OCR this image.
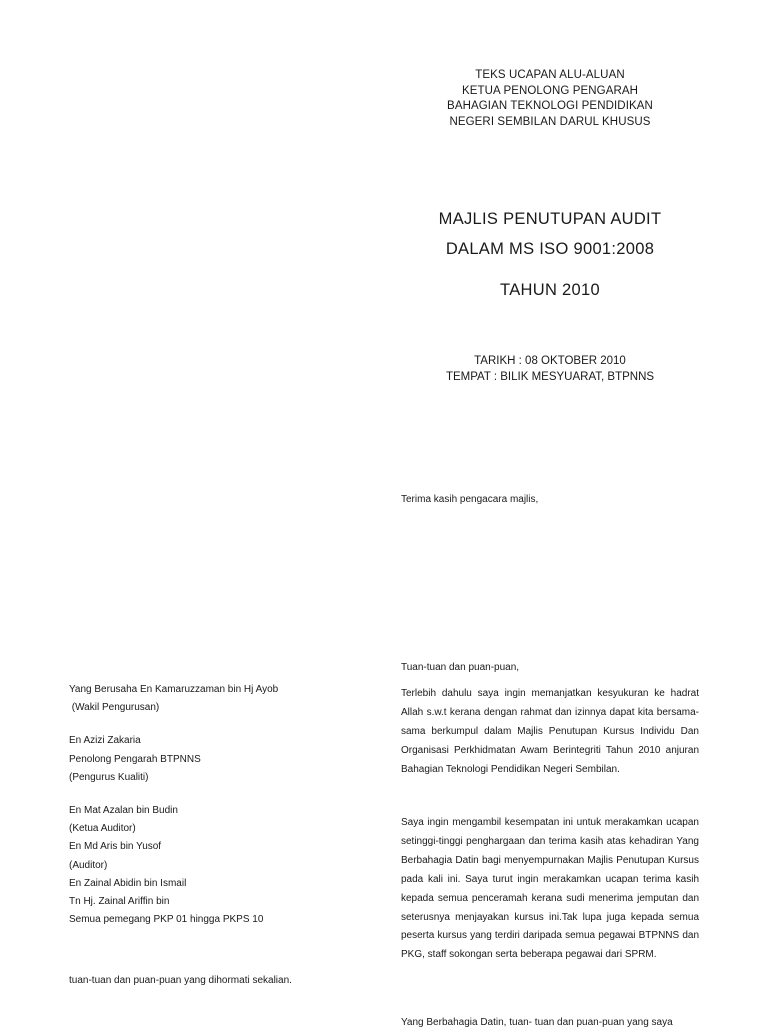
TEKS UCAPAN ALU-ALUAN
KETUA PENOLONG PENGARAH
BAHAGIAN TEKNOLOGI PENDIDIKAN
NEGERI SEMBILAN DARUL KHUSUS
MAJLIS PENUTUPAN AUDIT
DALAM MS ISO 9001:2008
TAHUN 2010
TARIKH : 08 OKTOBER 2010
TEMPAT : BILIK MESYUARAT, BTPNNS
Terima kasih pengacara majlis,
Tuan-tuan dan puan-puan,

Terlebih dahulu saya ingin memanjatkan kesyukuran ke hadrat Allah s.w.t kerana dengan rahmat dan izinnya dapat kita bersama-sama berkumpul dalam Majlis Penutupan Kursus Individu Dan Organisasi Perkhidmatan Awam Berintegriti Tahun 2010 anjuran Bahagian Teknologi Pendidikan Negeri Sembilan.

Saya ingin mengambil kesempatan ini untuk merakamkan ucapan setinggi-tinggi penghargaan dan terima kasih atas kehadiran Yang Berbahagia Datin bagi menyempurnakan Majlis Penutupan Kursus pada kali ini. Saya turut ingin merakamkan ucapan terima kasih kepada semua penceramah kerana sudi menerima jemputan dan seterusnya menjayakan kursus ini.Tak lupa juga kepada semua peserta kursus yang terdiri daripada semua pegawai BTPNNS dan PKG, staff sokongan serta beberapa pegawai dari SPRM.

Yang Berbahagia Datin, tuan- tuan dan puan-puan yang saya

Yang Berusaha En Kamaruzzaman bin Hj Ayob
(Wakil Pengurusan)
En Azizi Zakaria
Penolong Pengarah BTPNNS
(Pengurus Kualiti)
En Mat Azalan bin Budin
(Ketua Auditor)
En Md Aris bin Yusof
(Auditor)
En Zainal Abidin bin Ismail
Tn Hj. Zainal Ariffin bin
Semua pemegang PKP 01 hingga PKPS 10
tuan-tuan dan puan-puan yang dihormati sekalian.
